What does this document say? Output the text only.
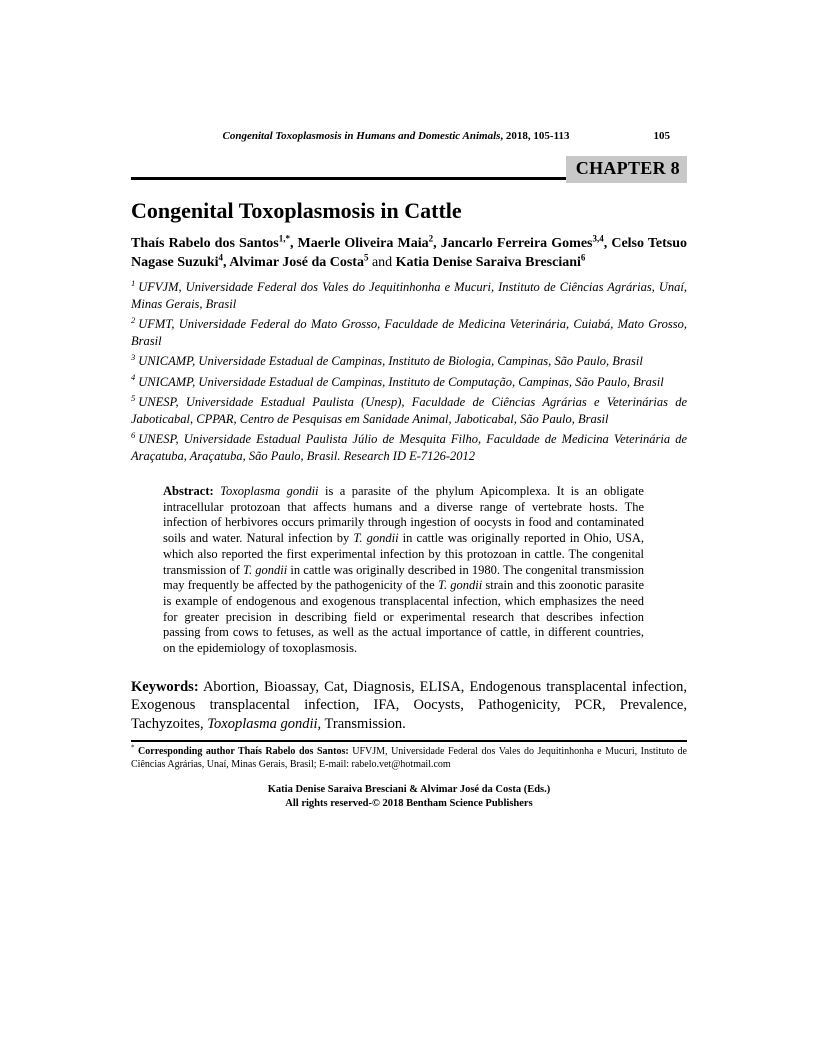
Congenital Toxoplasmosis in Humans and Domestic Animals, 2018, 105-113	105
CHAPTER 8
Congenital Toxoplasmosis in Cattle

Thaís Rabelo dos Santos$^{1,*}$, Maerle Oliveira Maia$^2$, Jancarlo Ferreira Gomes$^{3,4}$, Celso Tetsuo Nagase Suzuki$^4$, Alvimar José da Costa$^5$ and Katia Denise Saraiva Bresciani$^6$

$^1$ UFVJM, Universidade Federal dos Vales do Jequitinhonha e Mucuri, Instituto de Ciências Agrárias, Unaí, Minas Gerais, Brasil

$^2$ UFMT, Universidade Federal do Mato Grosso, Faculdade de Medicina Veterinária, Cuiabá, Mato Grosso, Brasil

$^3$ UNICAMP, Universidade Estadual de Campinas, Instituto de Biologia, Campinas, São Paulo, Brasil

$^4$ UNICAMP, Universidade Estadual de Campinas, Instituto de Computação, Campinas, São Paulo, Brasil

$^5$ UNESP, Universidade Estadual Paulista (Unesp), Faculdade de Ciências Agrárias e Veterinárias de Jaboticabal, CPPAR, Centro de Pesquisas em Sanidade Animal, Jaboticabal, São Paulo, Brasil

$^6$ UNESP, Universidade Estadual Paulista Júlio de Mesquita Filho, Faculdade de Medicina Veterinária de Araçatuba, Araçatuba, São Paulo, Brasil. Research ID E-7126-2012

Abstract: Toxoplasma gondii is a parasite of the phylum Apicomplexa. It is an obligate intracellular protozoan that affects humans and a diverse range of vertebrate hosts. The infection of herbivores occurs primarily through ingestion of oocysts in food and contaminated soils and water. Natural infection by T. gondii in cattle was originally reported in Ohio, USA, which also reported the first experimental infection by this protozoan in cattle. The congenital transmission of T. gondii in cattle was originally described in 1980. The congenital transmission may frequently be affected by the pathogenicity of the T. gondii strain and this zoonotic parasite is example of endogenous and exogenous transplacental infection, which emphasizes the need for greater precision in describing field or experimental research that describes infection passing from cows to fetuses, as well as the actual importance of cattle, in different countries, on the epidemiology of toxoplasmosis.

Keywords: Abortion, Bioassay, Cat, Diagnosis, ELISA, Endogenous transplacental infection, Exogenous transplacental infection, IFA, Oocysts, Pathogenicity, PCR, Prevalence, Tachyzoites, Toxoplasma gondii, Transmission.

* Corresponding author Thaís Rabelo dos Santos: UFVJM, Universidade Federal dos Vales do Jequitinhonha e Mucuri, Instituto de Ciências Agrárias, Unaí, Minas Gerais, Brasil; E-mail: rabelo.vet@hotmail.com

Katia Denise Saraiva Bresciani & Alvimar José da Costa (Eds.)
All rights reserved-© 2018 Bentham Science Publishers
